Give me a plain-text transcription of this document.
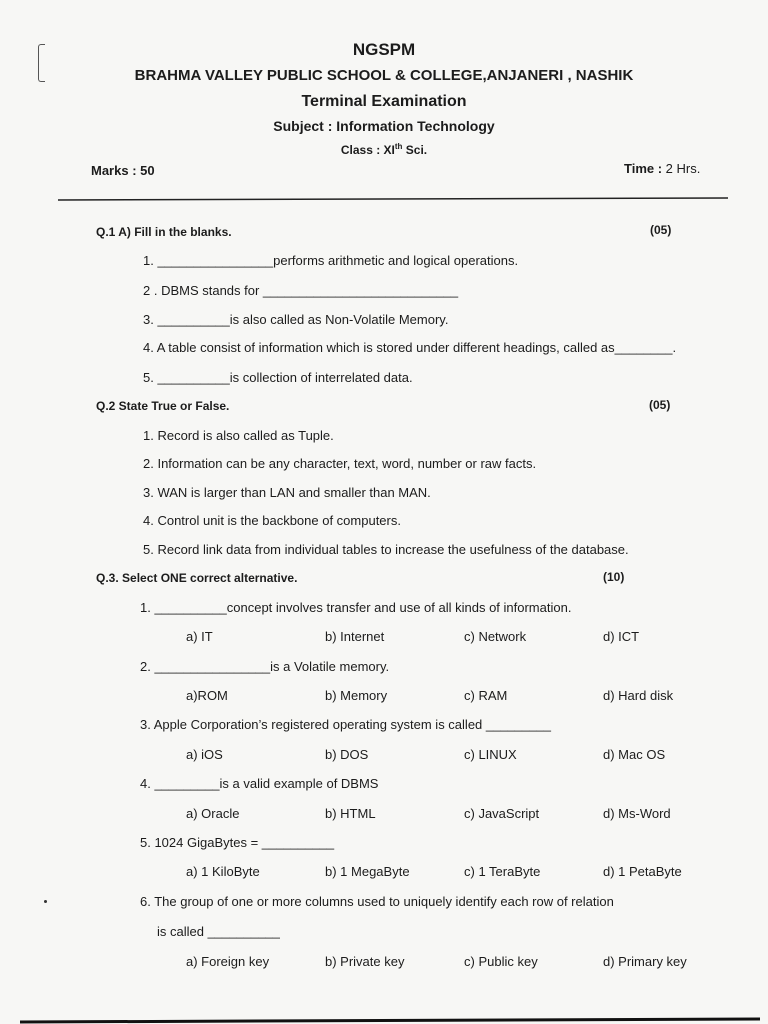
NGSPM
BRAHMA VALLEY PUBLIC SCHOOL & COLLEGE,ANJANERI , NASHIK
Terminal Examination
Subject : Information Technology
Class : XIth Sci.
Marks : 50	Time : 2 Hrs.
Q.1 A) Fill in the blanks.	(05)
1. ________________performs arithmetic and logical operations.
2 . DBMS stands for ___________________________
3. __________is also called as Non-Volatile Memory.
4. A table consist of information which is stored under different headings, called as________.
5. __________is collection of interrelated data.
Q.2 State True or False.	(05)
1. Record is also called as Tuple.
2. Information can be any character, text, word, number or raw facts.
3. WAN is larger than LAN and smaller than MAN.
4. Control unit is the backbone of computers.
5. Record link data from individual tables to increase the usefulness of the database.
Q.3. Select ONE correct alternative.	(10)
1. __________concept involves transfer and use of all kinds of information.
a) IT	b) Internet	c) Network	d) ICT
2. ________________is a Volatile memory.
a)ROM	b) Memory	c) RAM	d) Hard disk
3. Apple Corporation’s registered operating system is called _________
a) iOS	b) DOS	c) LINUX	d) Mac OS
4. _________is a valid example of DBMS
a) Oracle	b) HTML	c) JavaScript	d) Ms-Word
5. 1024 GigaBytes = __________
a) 1 KiloByte	b) 1 MegaByte	c) 1 TeraByte	d) 1 PetaByte
6. The group of one or more columns used to uniquely identify each row of relation
is called __________
a) Foreign key	b) Private key	c) Public key	d) Primary key
